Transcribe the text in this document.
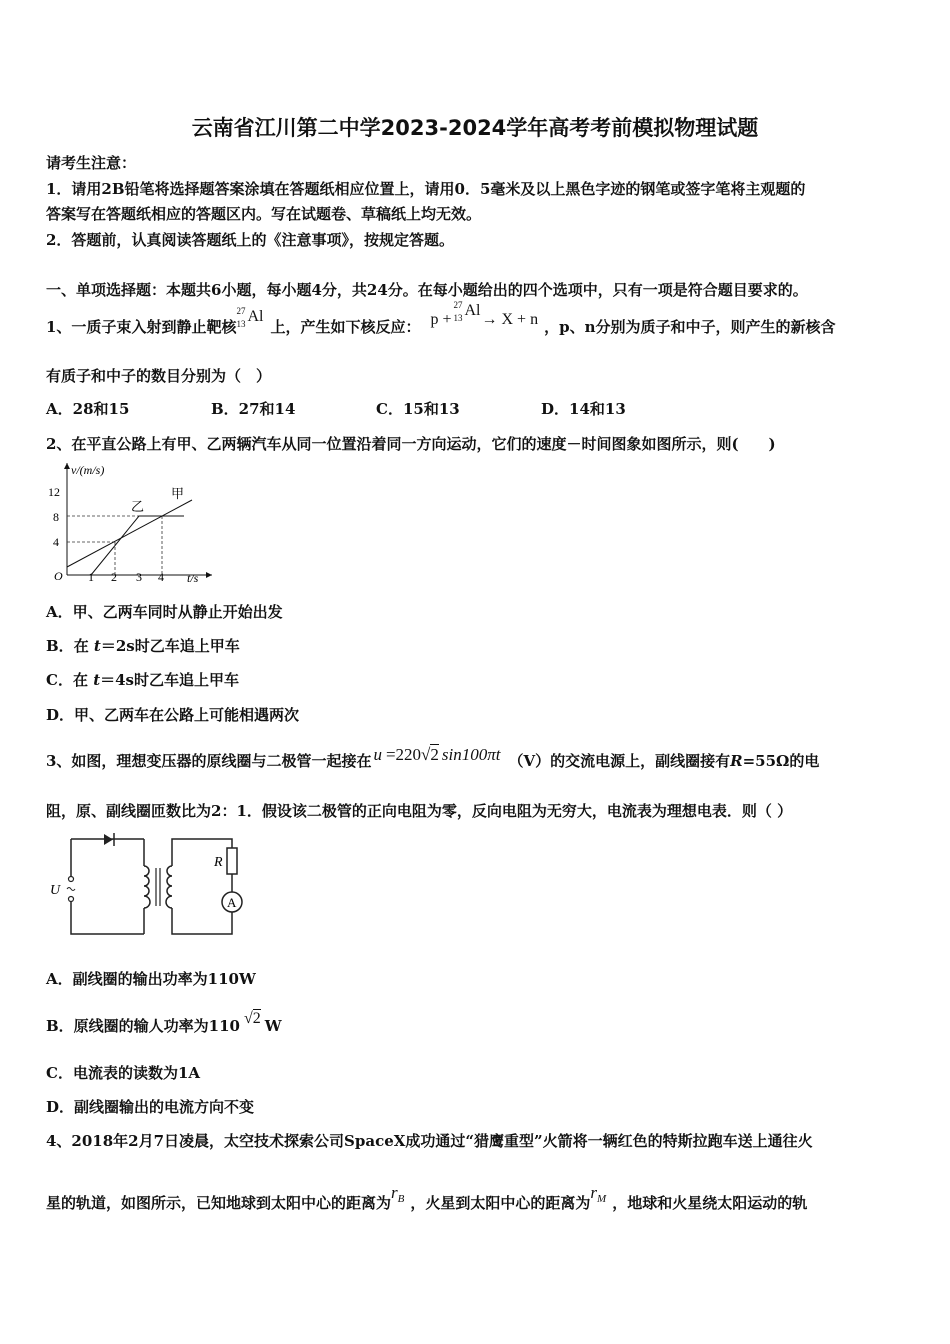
云南省江川第二中学2023-2024学年高考考前模拟物理试题
请考生注意：
1．请用2B铅笔将选择题答案涂填在答题纸相应位置上，请用0．5毫米及以上黑色字迹的钢笔或签字笔将主观题的
答案写在答题纸相应的答题区内。写在试题卷、草稿纸上均无效。
2．答题前，认真阅读答题纸上的《注意事项》，按规定答题。
一、单项选择题：本题共6小题，每小题4分，共24分。在每小题给出的四个选项中，只有一项是符合题目要求的。
1、一质子束入射到静止靶核
27
13 Al
上，产生如下核反应： p +
27
13 Al
→ X + n ，p、n分别为质子和中子，则产生的新核含
有质子和中子的数目分别为（　）
A．28和15	B．27和14	C．15和13	D．14和13
2、在平直公路上有甲、乙两辆汽车从同一位置沿着同一方向运动，它们的速度－时间图象如图所示，则(　　)
v/(m/s)
t/s
O
12
8
4
1 2 3 4
甲
乙
A．甲、乙两车同时从静止开始出发
B．在 t＝2s时乙车追上甲车
C．在 t＝4s时乙车追上甲车
D．甲、乙两车在公路上可能相遇两次
3、如图，理想变压器的原线圈与二极管一起接在 u =220√2 sin100πt （V）的交流电源上，副线圈接有R=55Ω的电
阻，原、副线圈匝数比为2：1．假设该二极管的正向电阻为零，反向电阻为无穷大，电流表为理想电表．则（ ）
A
R
U
A．副线圈的输出功率为110W
B．原线圈的输人功率为110 √2 W
C．电流表的读数为1A
D．副线圈输出的电流方向不变
4、2018年2月7日凌晨，太空技术探索公司SpaceX成功通过“猎鹰重型”火箭将一辆红色的特斯拉跑车送上通往火
星的轨道，如图所示，已知地球到太阳中心的距离为$r_B$ ，火星到太阳中心的距离为$r_M$ ，地球和火星绕太阳运动的轨
